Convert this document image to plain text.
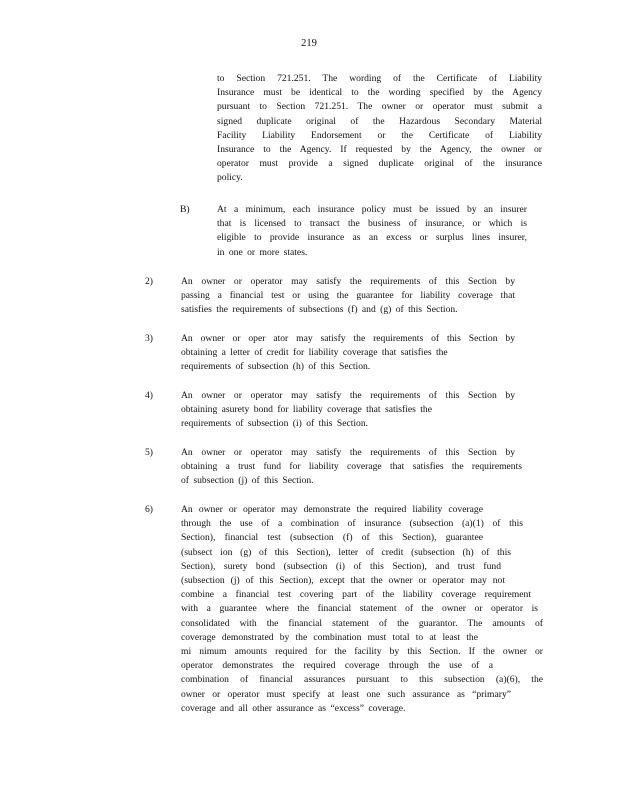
219
to Section 721.251. The wording of the Certificate of Liability
Insurance must be identical to the wording specified by the Agency
pursuant to Section 721.251. The owner or operator must submit a
signed duplicate original of the Hazardous Secondary Material
Facility Liability Endorsement or the Certificate of Liability
Insurance to the Agency. If requested by the Agency, the owner or
operator must provide a signed duplicate original of the insurance
policy.
B)	At a minimum, each insurance policy must be issued by an insurer
that is licensed to transact the business of insurance, or which is
eligible to provide insurance as an excess or surplus lines insurer,
in one or more states.
2)	An owner or operator may satisfy the requirements of this Section by
passing a financial test or using the guarantee for liability coverage that
satisfies the requirements of subsections (f) and (g) of this Section.
3)	An owner or oper ator may satisfy the requirements of this Section by
obtaining a letter of credit for liability coverage that satisfies the
requirements of subsection (h) of this Section.
4)	An owner or operator may satisfy the requirements of this Section by
obtaining asurety bond for liability coverage that satisfies the
requirements of subsection (i) of this Section.
5)	An owner or operator may satisfy the requirements of this Section by
obtaining a trust fund for liability coverage that satisfies the requirements
of subsection (j) of this Section.
6)	An owner or operator may demonstrate the required liability coverage
through the use of a combination of insurance (subsection (a)(1) of this
Section), financial test (subsection (f) of this Section), guarantee
(subsect ion (g) of this Section), letter of credit (subsection (h) of this
Section), surety bond (subsection (i) of this Section), and trust fund
(subsection (j) of this Section), except that the owner or operator may not
combine a financial test covering part of the liability coverage requirement
with a guarantee where the financial statement of the owner or operator is
consolidated with the financial statement of the guarantor. The amounts of
coverage demonstrated by the combination must total to at least the
mi nimum amounts required for the facility by this Section. If the owner or
operator demonstrates the required coverage through the use of a
combination of financial assurances pursuant to this subsection (a)(6), the
owner or operator must specify at least one such assurance as “primary”
coverage and all other assurance as “excess” coverage.
